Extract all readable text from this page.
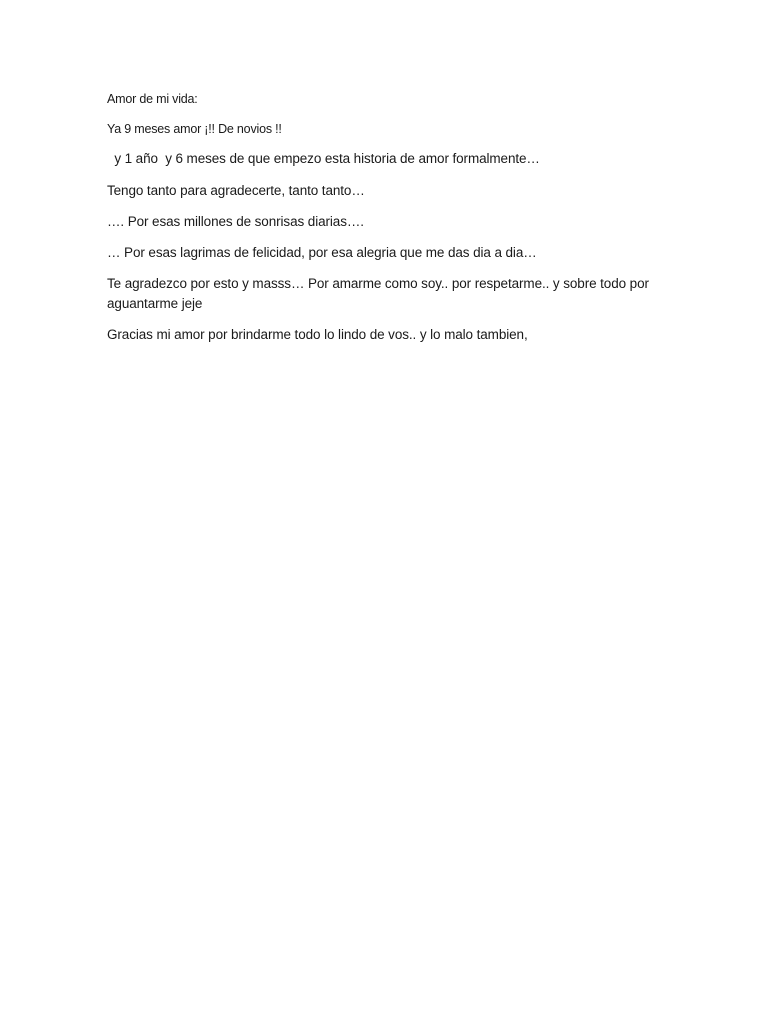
Amor de mi vida:

Ya 9 meses amor ¡!! De novios !!

y 1 año  y 6 meses de que empezo esta historia de amor formalmente…

Tengo tanto para agradecerte, tanto tanto…

…. Por esas millones de sonrisas diarias….

… Por esas lagrimas de felicidad, por esa alegria que me das dia a dia…

Te agradezco por esto y masss… Por amarme como soy.. por respetarme.. y sobre todo por aguantarme jeje

Gracias mi amor por brindarme todo lo lindo de vos.. y lo malo tambien,
